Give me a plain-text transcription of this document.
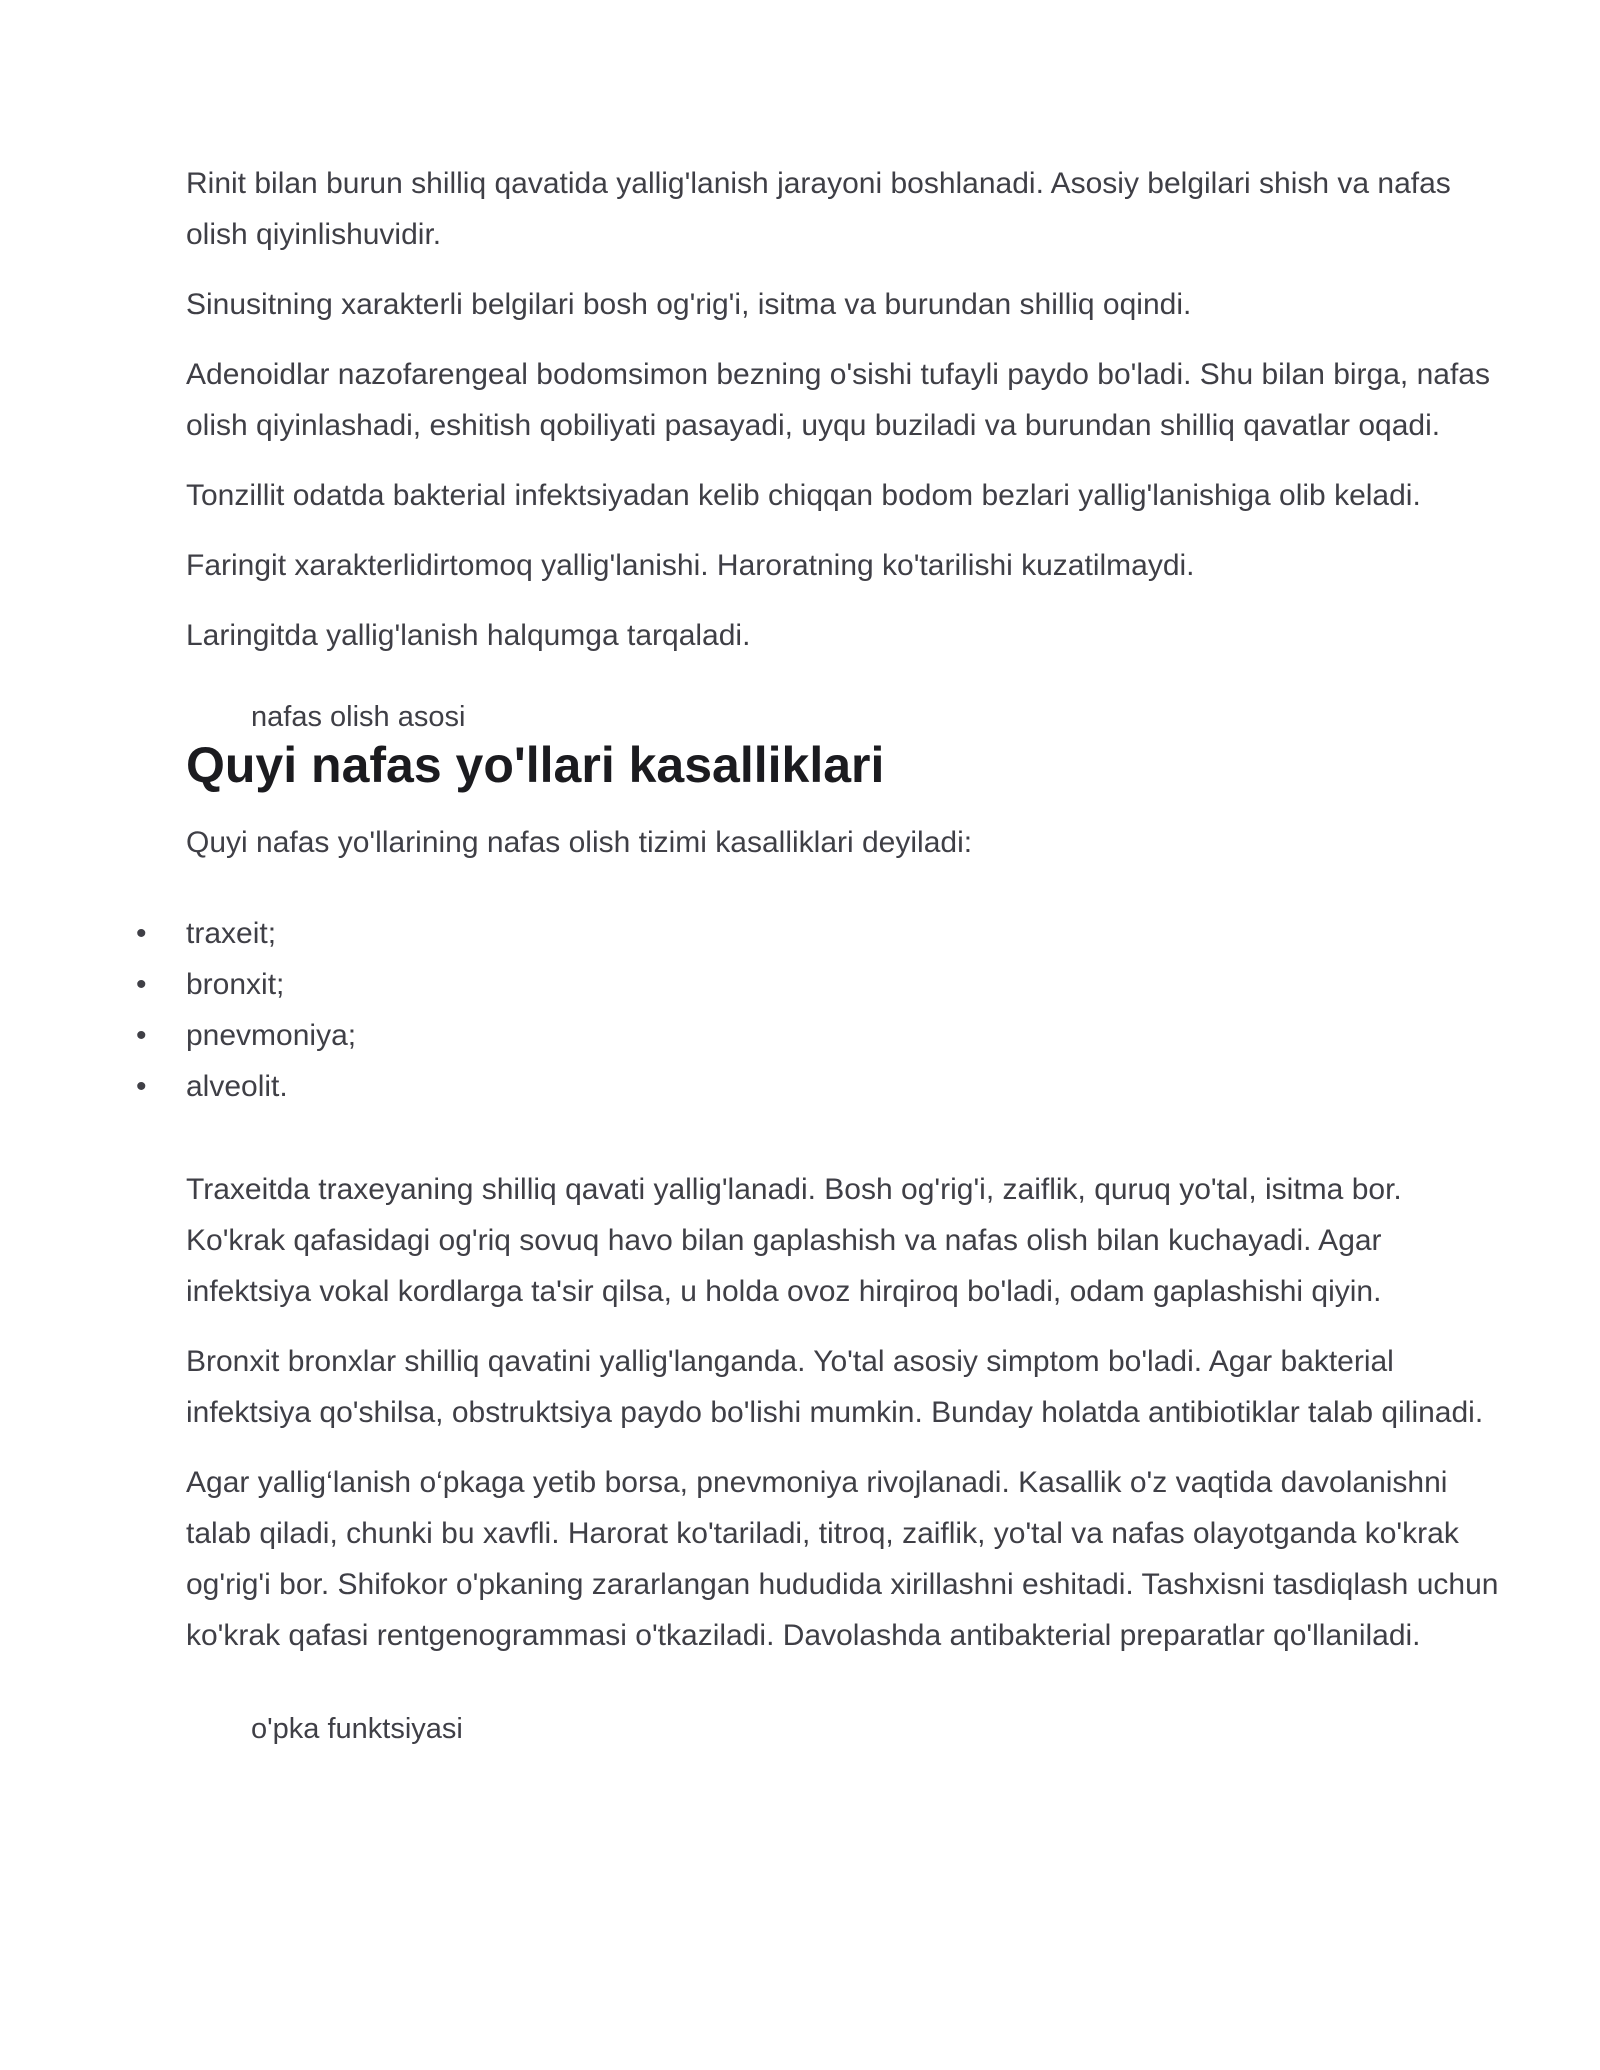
Rinit bilan burun shilliq qavatida yallig'lanish jarayoni boshlanadi. Asosiy belgilari shish va nafas olish qiyinlishuvidir.

Sinusitning xarakterli belgilari bosh og'rig'i, isitma va burundan shilliq oqindi.

Adenoidlar nazofarengeal bodomsimon bezning o'sishi tufayli paydo bo'ladi. Shu bilan birga, nafas olish qiyinlashadi, eshitish qobiliyati pasayadi, uyqu buziladi va burundan shilliq qavatlar oqadi.

Tonzillit odatda bakterial infektsiyadan kelib chiqqan bodom bezlari yallig'lanishiga olib keladi.

Faringit xarakterlidirtomoq yallig'lanishi. Haroratning ko'tarilishi kuzatilmaydi.

Laringitda yallig'lanish halqumga tarqaladi.

nafas olish asosi
Quyi nafas yo'llari kasalliklari

Quyi nafas yo'llarining nafas olish tizimi kasalliklari deyiladi:

• traxeit;
• bronxit;
• pnevmoniya;
• alveolit.

Traxeitda traxeyaning shilliq qavati yallig'lanadi. Bosh og'rig'i, zaiflik, quruq yo'tal, isitma bor. Ko'krak qafasidagi og'riq sovuq havo bilan gaplashish va nafas olish bilan kuchayadi. Agar infektsiya vokal kordlarga ta'sir qilsa, u holda ovoz hirqiroq bo'ladi, odam gaplashishi qiyin.

Bronxit bronxlar shilliq qavatini yallig'langanda. Yo'tal asosiy simptom bo'ladi. Agar bakterial infektsiya qo'shilsa, obstruktsiya paydo bo'lishi mumkin. Bunday holatda antibiotiklar talab qilinadi.

Agar yallig‘lanish o‘pkaga yetib borsa, pnevmoniya rivojlanadi. Kasallik o'z vaqtida davolanishni talab qiladi, chunki bu xavfli. Harorat ko'tariladi, titroq, zaiflik, yo'tal va nafas olayotganda ko'krak og'rig'i bor. Shifokor o'pkaning zararlangan hududida xirillashni eshitadi. Tashxisni tasdiqlash uchun ko'krak qafasi rentgenogrammasi o'tkaziladi. Davolashda antibakterial preparatlar qo'llaniladi.

o'pka funktsiyasi
